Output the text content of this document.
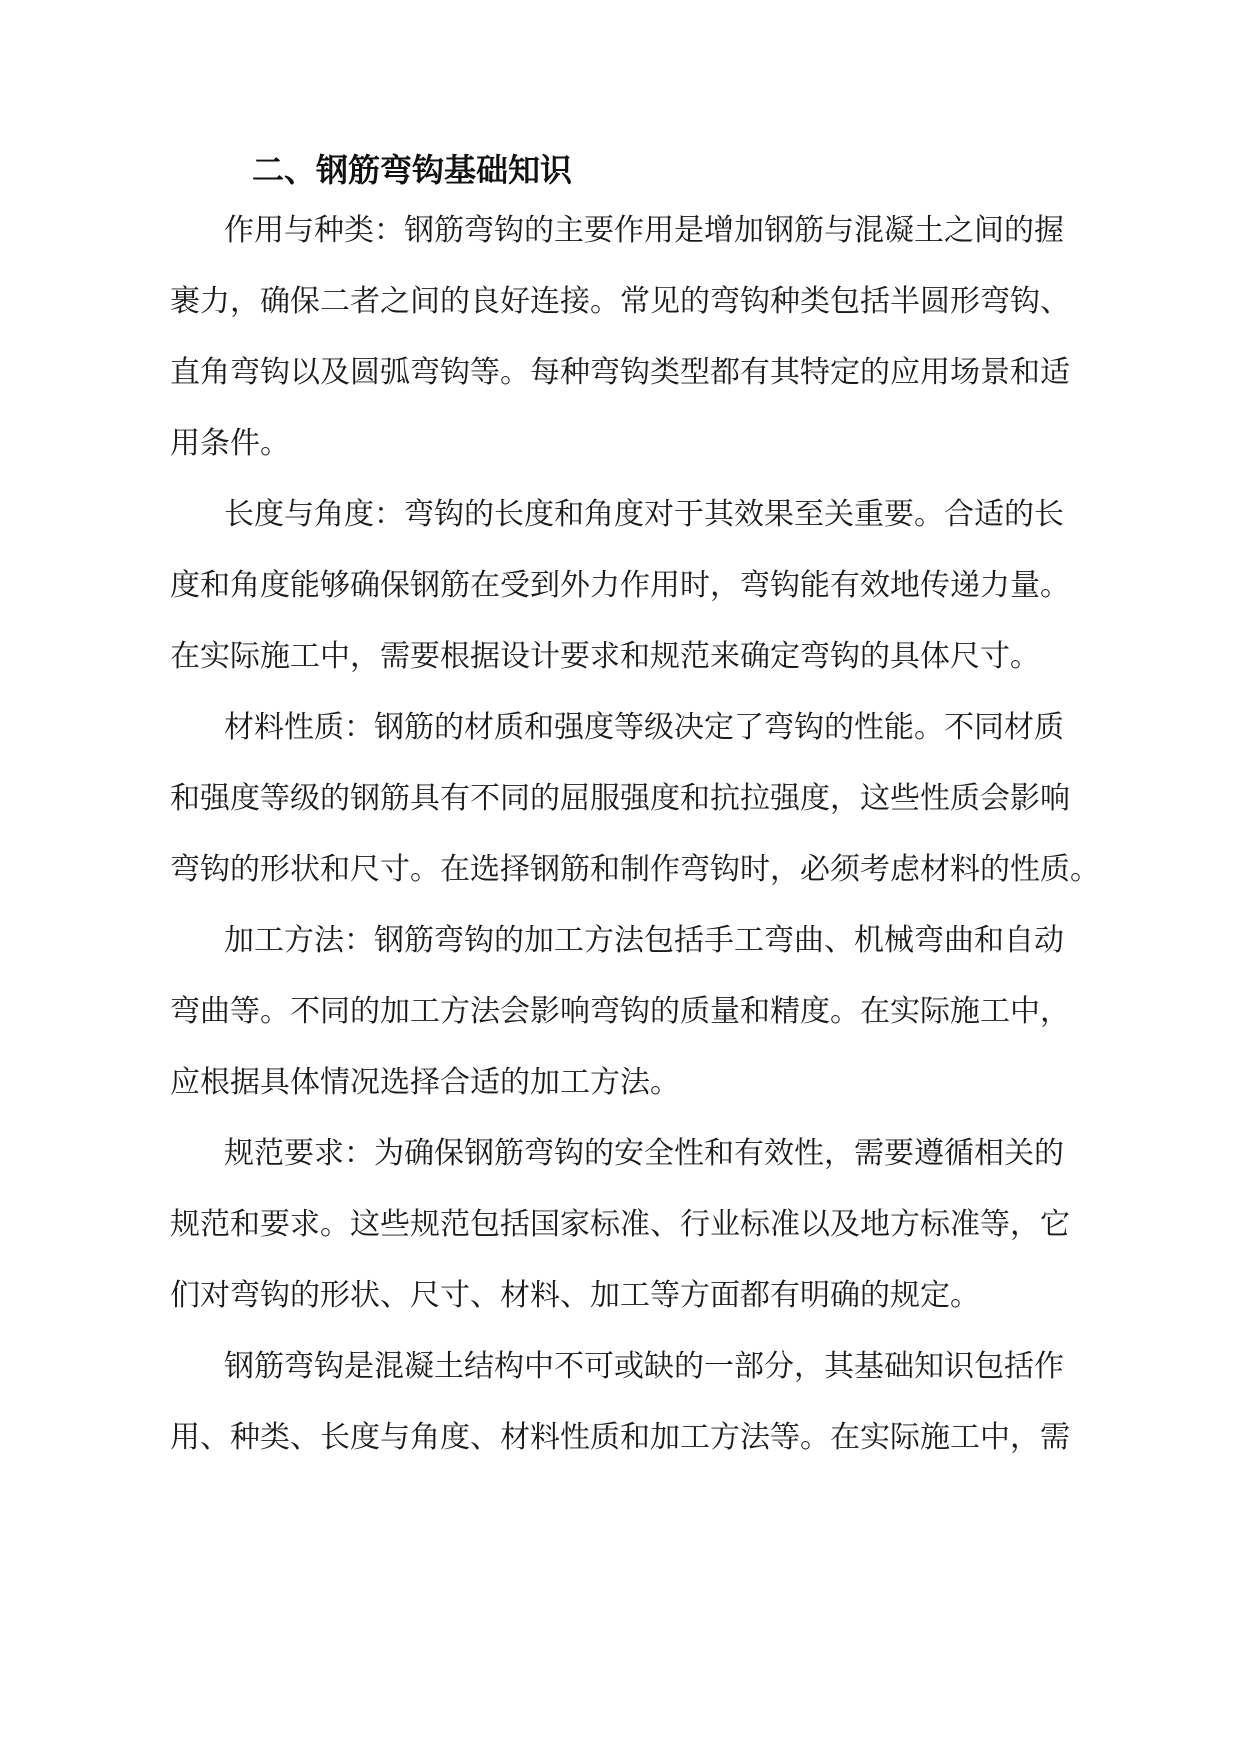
二、钢筋弯钩基础知识

作用与种类：钢筋弯钩的主要作用是增加钢筋与混凝土之间的握

裹力，确保二者之间的良好连接。常见的弯钩种类包括半圆形弯钩、

直角弯钩以及圆弧弯钩等。每种弯钩类型都有其特定的应用场景和适

用条件。

长度与角度：弯钩的长度和角度对于其效果至关重要。合适的长

度和角度能够确保钢筋在受到外力作用时，弯钩能有效地传递力量。

在实际施工中，需要根据设计要求和规范来确定弯钩的具体尺寸。

材料性质：钢筋的材质和强度等级决定了弯钩的性能。不同材质

和强度等级的钢筋具有不同的屈服强度和抗拉强度，这些性质会影响

弯钩的形状和尺寸。在选择钢筋和制作弯钩时，必须考虑材料的性质。

加工方法：钢筋弯钩的加工方法包括手工弯曲、机械弯曲和自动

弯曲等。不同的加工方法会影响弯钩的质量和精度。在实际施工中，

应根据具体情况选择合适的加工方法。

规范要求：为确保钢筋弯钩的安全性和有效性，需要遵循相关的

规范和要求。这些规范包括国家标准、行业标准以及地方标准等，它

们对弯钩的形状、尺寸、材料、加工等方面都有明确的规定。

钢筋弯钩是混凝土结构中不可或缺的一部分，其基础知识包括作

用、种类、长度与角度、材料性质和加工方法等。在实际施工中，需
